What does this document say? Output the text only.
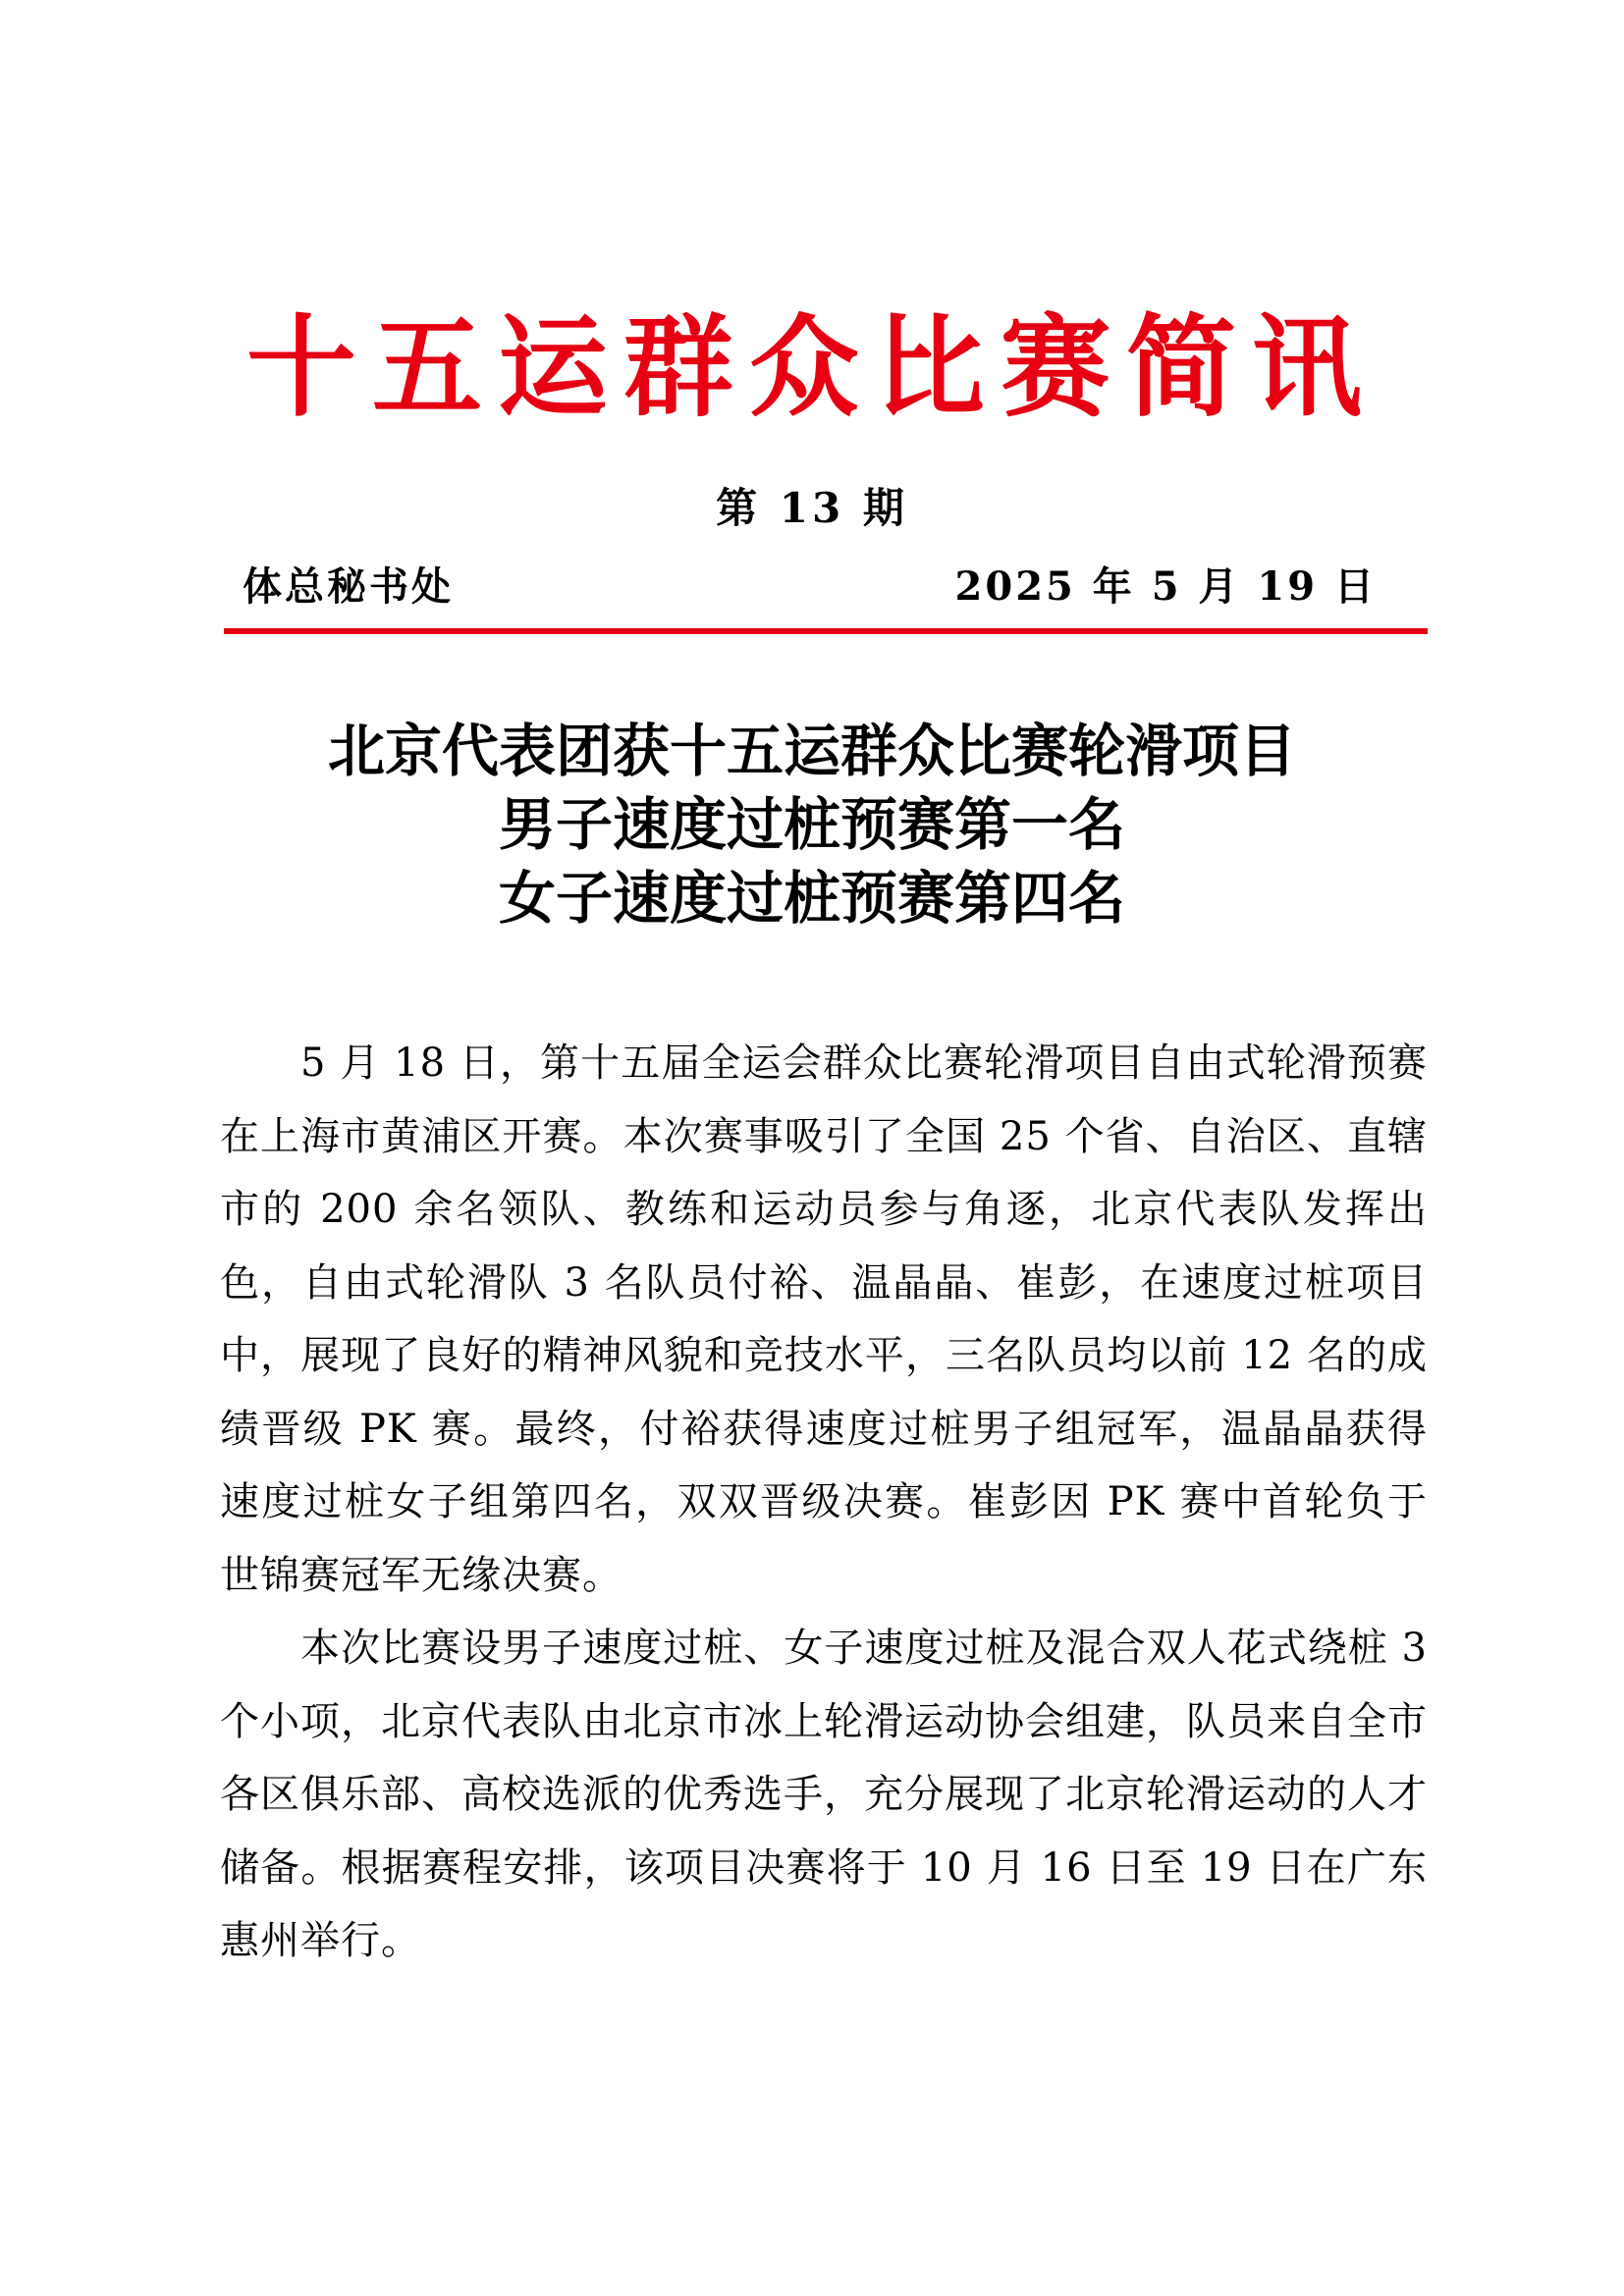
十五运群众比赛简讯
第 13 期
体总秘书处	2025 年 5 月 19 日
北京代表团获十五运群众比赛轮滑项目
男子速度过桩预赛第一名
女子速度过桩预赛第四名

5 月 18 日，第十五届全运会群众比赛轮滑项目自由式轮滑预赛在上海市黄浦区开赛。本次赛事吸引了全国 25 个省、自治区、直辖市的 200 余名领队、教练和运动员参与角逐，北京代表队发挥出色，自由式轮滑队 3 名队员付裕、温晶晶、崔彭，在速度过桩项目中，展现了良好的精神风貌和竞技水平，三名队员均以前 12 名的成绩晋级 PK 赛。最终，付裕获得速度过桩男子组冠军，温晶晶获得速度过桩女子组第四名，双双晋级决赛。崔彭因 PK 赛中首轮负于世锦赛冠军无缘决赛。

本次比赛设男子速度过桩、女子速度过桩及混合双人花式绕桩 3 个小项，北京代表队由北京市冰上轮滑运动协会组建，队员来自全市各区俱乐部、高校选派的优秀选手，充分展现了北京轮滑运动的人才储备。根据赛程安排，该项目决赛将于 10 月 16 日至 19 日在广东惠州举行。
